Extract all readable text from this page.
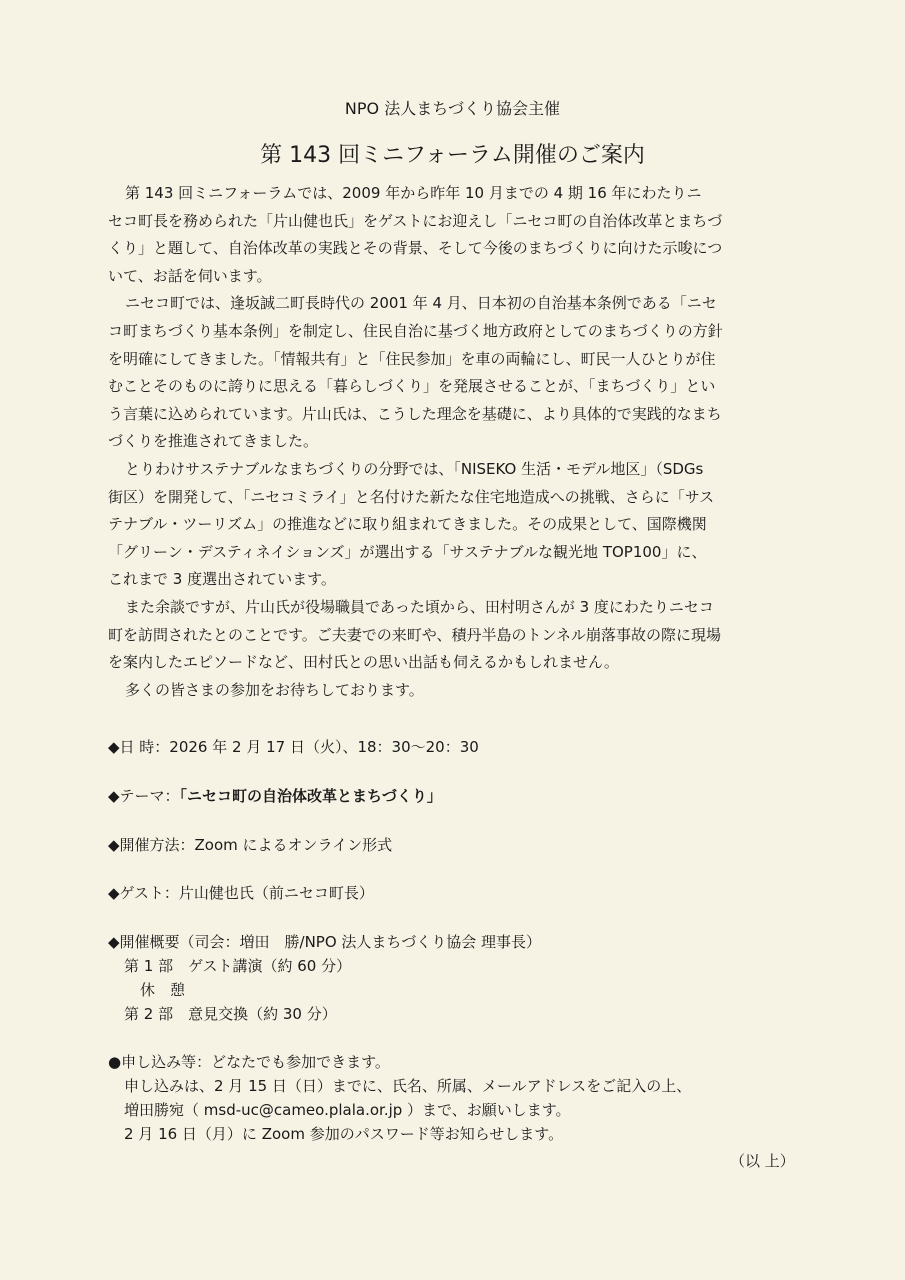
NPO 法人まちづくり協会主催
第 143 回ミニフォーラム開催のご案内

第 143 回ミニフォーラムでは、2009 年から昨年 10 月までの 4 期 16 年にわたりニ

セコ町長を務められた「片山健也氏」をゲストにお迎えし「ニセコ町の自治体改革とまちづ

くり」と題して、自治体改革の実践とその背景、そして今後のまちづくりに向けた示唆につ

いて、お話を伺います。

ニセコ町では、逢坂誠二町長時代の 2001 年 4 月、日本初の自治基本条例である「ニセ

コ町まちづくり基本条例」を制定し、住民自治に基づく地方政府としてのまちづくりの方針

を明確にしてきました。「情報共有」と「住民参加」を車の両輪にし、町民一人ひとりが住

むことそのものに誇りに思える「暮らしづくり」を発展させることが、「まちづくり」とい

う言葉に込められています。片山氏は、こうした理念を基礎に、より具体的で実践的なまち

づくりを推進されてきました。

とりわけサステナブルなまちづくりの分野では、「NISEKO 生活・モデル地区」（SDGs

街区）を開発して、「ニセコミライ」と名付けた新たな住宅地造成への挑戦、さらに「サス

テナブル・ツーリズム」の推進などに取り組まれてきました。その成果として、国際機関

「グリーン・デスティネイションズ」が選出する「サステナブルな観光地 TOP100」に、

これまで 3 度選出されています。

また余談ですが、片山氏が役場職員であった頃から、田村明さんが 3 度にわたりニセコ

町を訪問されたとのことです。ご夫妻での来町や、積丹半島のトンネル崩落事故の際に現場

を案内したエピソードなど、田村氏との思い出話も伺えるかもしれません。

多くの皆さまの参加をお待ちしております。

◆日 時：2026 年 2 月 17 日（火）、18：30〜20：30
◆テーマ：「ニセコ町の自治体改革とまちづくり」
◆開催方法：Zoom によるオンライン形式
◆ゲスト：片山健也氏（前ニセコ町長）
◆開催概要（司会：増田　勝/NPO 法人まちづくり協会 理事長）
第 1 部　ゲスト講演（約 60 分）
休　憩
第 2 部　意見交換（約 30 分）
●申し込み等：どなたでも参加できます。
申し込みは、2 月 15 日（日）までに、氏名、所属、メールアドレスをご記入の上、
増田勝宛（ msd-uc@cameo.plala.or.jp ）まで、お願いします。
2 月 16 日（月）に Zoom 参加のパスワード等お知らせします。
（以 上）
